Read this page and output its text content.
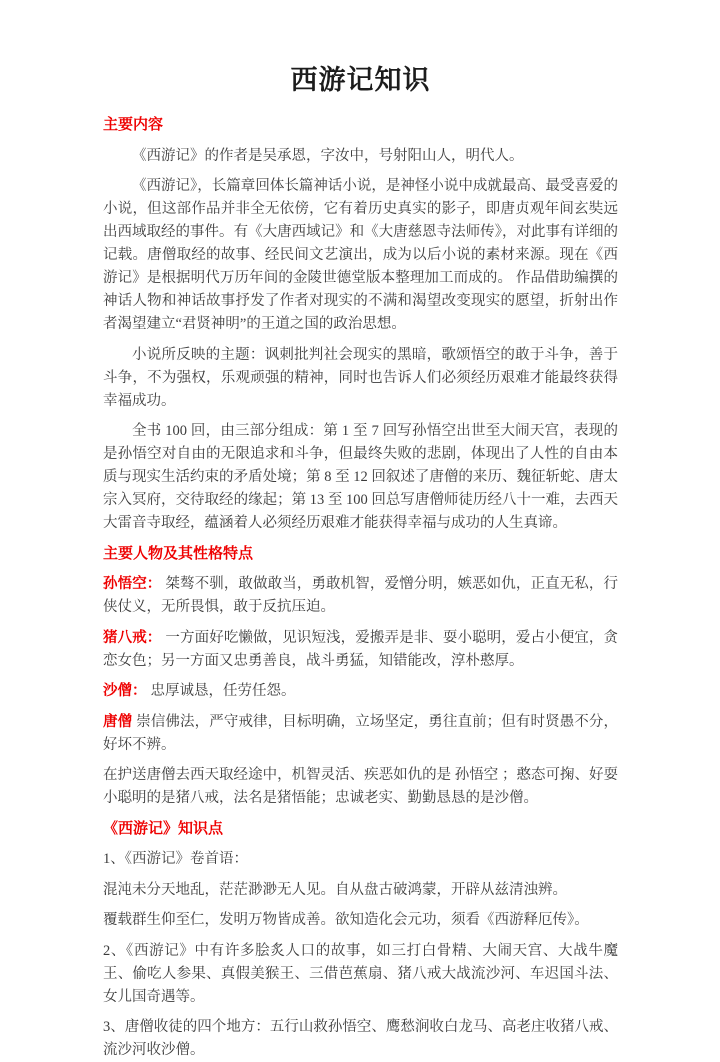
西游记知识
主要内容

《西游记》的作者是吴承恩，字汝中，号射阳山人，明代人。

《西游记》，长篇章回体长篇神话小说，是神怪小说中成就最高、最受喜爱的小说，但这部作品并非全无依傍，它有着历史真实的影子，即唐贞观年间玄奘远出西域取经的事件。有《大唐西域记》和《大唐慈恩寺法师传》，对此事有详细的记载。唐僧取经的故事、经民间文艺演出，成为以后小说的素材来源。现在《西游记》是根据明代万历年间的金陵世德堂版本整理加工而成的。 作品借助编撰的神话人物和神话故事抒发了作者对现实的不满和渴望改变现实的愿望，折射出作者渴望建立“君贤神明”的王道之国的政治思想。

小说所反映的主题：讽刺批判社会现实的黑暗，歌颂悟空的敢于斗争，善于斗争，不为强权，乐观顽强的精神，同时也告诉人们必须经历艰难才能最终获得幸福成功。

全书 100 回，由三部分组成：第 1 至 7 回写孙悟空出世至大闹天宫，表现的是孙悟空对自由的无限追求和斗争，但最终失败的悲剧，体现出了人性的自由本质与现实生活约束的矛盾处境；第 8 至 12 回叙述了唐僧的来历、魏征斩蛇、唐太宗入冥府，交待取经的缘起；第 13 至 100 回总写唐僧师徒历经八十一难，去西天大雷音寺取经，蕴涵着人必须经历艰难才能获得幸福与成功的人生真谛。

主要人物及其性格特点

孙悟空： 桀骜不驯，敢做敢当，勇敢机智，爱憎分明，嫉恶如仇，正直无私，行侠仗义，无所畏惧，敢于反抗压迫。

猪八戒： 一方面好吃懒做，见识短浅，爱搬弄是非、耍小聪明，爱占小便宜，贪恋女色；另一方面又忠勇善良，战斗勇猛，知错能改，淳朴憨厚。

沙僧： 忠厚诚恳，任劳任怨。

唐僧 崇信佛法，严守戒律，目标明确，立场坚定，勇往直前；但有时贤愚不分，好坏不辨。

在护送唐僧去西天取经途中，机智灵活、疾恶如仇的是 孙悟空 ；憨态可掬、好耍小聪明的是猪八戒，法名是猪悟能；忠诚老实、勤勤恳恳的是沙僧。

《西游记》知识点

1、《西游记》卷首语：

混沌未分天地乱，茫茫渺渺无人见。自从盘古破鸿蒙，开辟从兹清浊辨。

覆载群生仰至仁，发明万物皆成善。欲知造化会元功，须看《西游释厄传》。

2、《西游记》中有许多脍炙人口的故事，如三打白骨精、大闹天宫、大战牛魔王、偷吃人参果、真假美猴王、三借芭蕉扇、猪八戒大战流沙河、车迟国斗法、女儿国奇遇等。

3、唐僧收徒的四个地方：五行山救孙悟空、鹰愁涧收白龙马、高老庄收猪八戒、流沙河收沙僧。
